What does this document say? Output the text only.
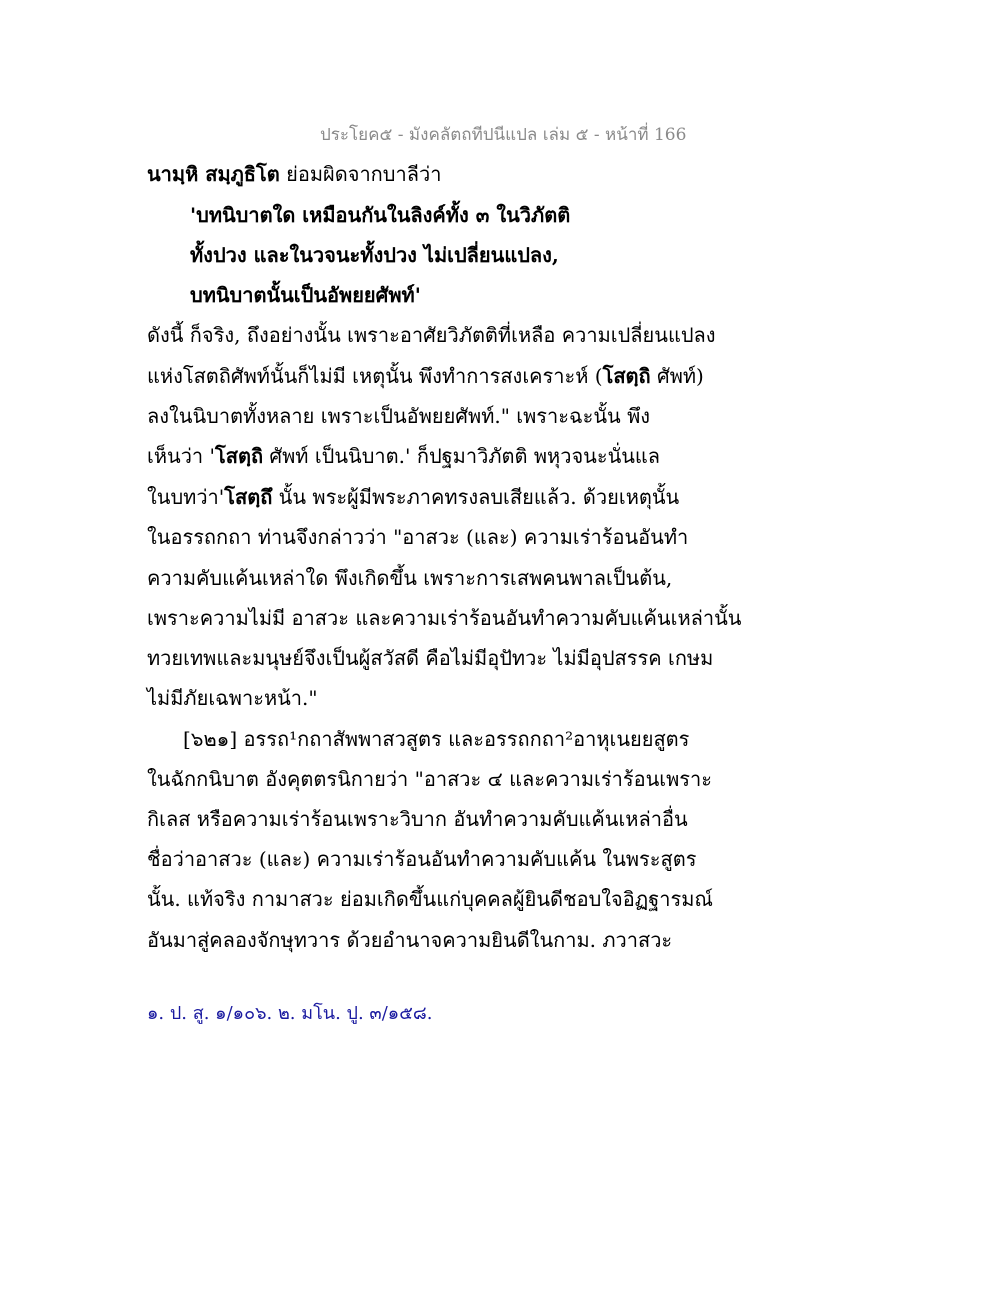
ประโยค๕ - มังคลัตถทีปนีแปล เล่ม ๕ - หน้าที่ 166
นามฺหิ สมฺภูธิโต ย่อมผิดจากบาลีว่า
'บทนิบาตใด เหมือนกันในลิงค์ทั้ง ๓ ในวิภัตติ
ทั้งปวง และในวจนะทั้งปวง ไม่เปลี่ยนแปลง,
บทนิบาตนั้นเป็นอัพยยศัพท์'
ดังนี้ ก็จริง, ถึงอย่างนั้น เพราะอาศัยวิภัตติที่เหลือ ความเปลี่ยนแปลง
แห่งโสตถิศัพท์นั้นก็ไม่มี เหตุนั้น พึงทำการสงเคราะห์ (โสตฺถิ ศัพท์)
ลงในนิบาตทั้งหลาย เพราะเป็นอัพยยศัพท์." เพราะฉะนั้น พึง
เห็นว่า 'โสตฺถิ ศัพท์ เป็นนิบาต.' ก็ปฐมาวิภัตติ พหุวจนะนั่นแล
ในบทว่า'โสตฺถึ นั้น พระผู้มีพระภาคทรงลบเสียแล้ว. ด้วยเหตุนั้น
ในอรรถกถา ท่านจึงกล่าวว่า "อาสวะ (และ) ความเร่าร้อนอันทำ
ความคับแค้นเหล่าใด พึงเกิดขึ้น เพราะการเสพคนพาลเป็นต้น,
เพราะความไม่มี อาสวะ และความเร่าร้อนอันทำความคับแค้นเหล่านั้น
ทวยเทพและมนุษย์จึงเป็นผู้สวัสดี คือไม่มีอุปัทวะ ไม่มีอุปสรรค เกษม
ไม่มีภัยเฉพาะหน้า."
[๖๒๑] อรรถ¹กถาสัพพาสวสูตร และอรรถกถา²อาหุเนยยสูตร
ในฉักกนิบาต อังคุตตรนิกายว่า "อาสวะ ๔ และความเร่าร้อนเพราะ
กิเลส หรือความเร่าร้อนเพราะวิบาก อันทำความคับแค้นเหล่าอื่น
ชื่อว่าอาสวะ (และ) ความเร่าร้อนอันทำความคับแค้น ในพระสูตร
นั้น. แท้จริง กามาสวะ ย่อมเกิดขึ้นแก่บุคคลผู้ยินดีชอบใจอิฏฐารมณ์
อันมาสู่คลองจักษุทวาร ด้วยอำนาจความยินดีในกาม. ภวาสวะ
๑. ป. สู. ๑/๑๐๖. ๒. มโน. ปู. ๓/๑๕๘.
